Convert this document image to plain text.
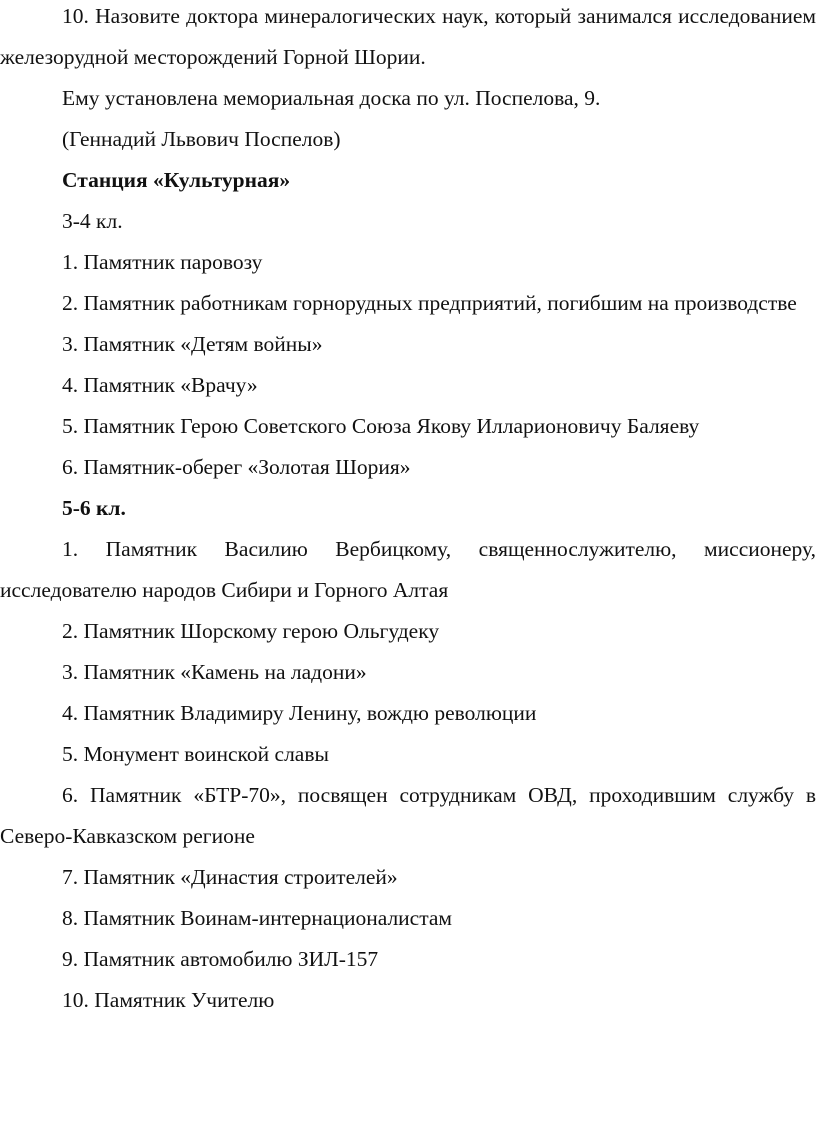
10. Назовите доктора минералогических наук, который занимался исследованием железорудной месторождений Горной Шории.

Ему установлена мемориальная доска по ул. Поспелова, 9.

(Геннадий Львович Поспелов)

Станция «Культурная»

3-4 кл.

1. Памятник паровозу

2. Памятник работникам горнорудных предприятий, погибшим на производстве

3. Памятник «Детям войны»

4. Памятник «Врачу»

5. Памятник Герою Советского Союза Якову Илларионовичу Баляеву

6. Памятник-оберег «Золотая Шория»

5-6 кл.

1. Памятник Василию Вербицкому, священнослужителю, миссионеру, исследователю народов Сибири и Горного Алтая

2. Памятник Шорскому герою Ольгудеку

3. Памятник «Камень на ладони»

4. Памятник Владимиру Ленину, вождю революции

5. Монумент воинской славы

6. Памятник «БТР-70», посвящен сотрудникам ОВД, проходившим службу в Северо-Кавказском регионе

7. Памятник «Династия строителей»

8. Памятник Воинам-интернационалистам

9. Памятник автомобилю ЗИЛ-157

10. Памятник Учителю
